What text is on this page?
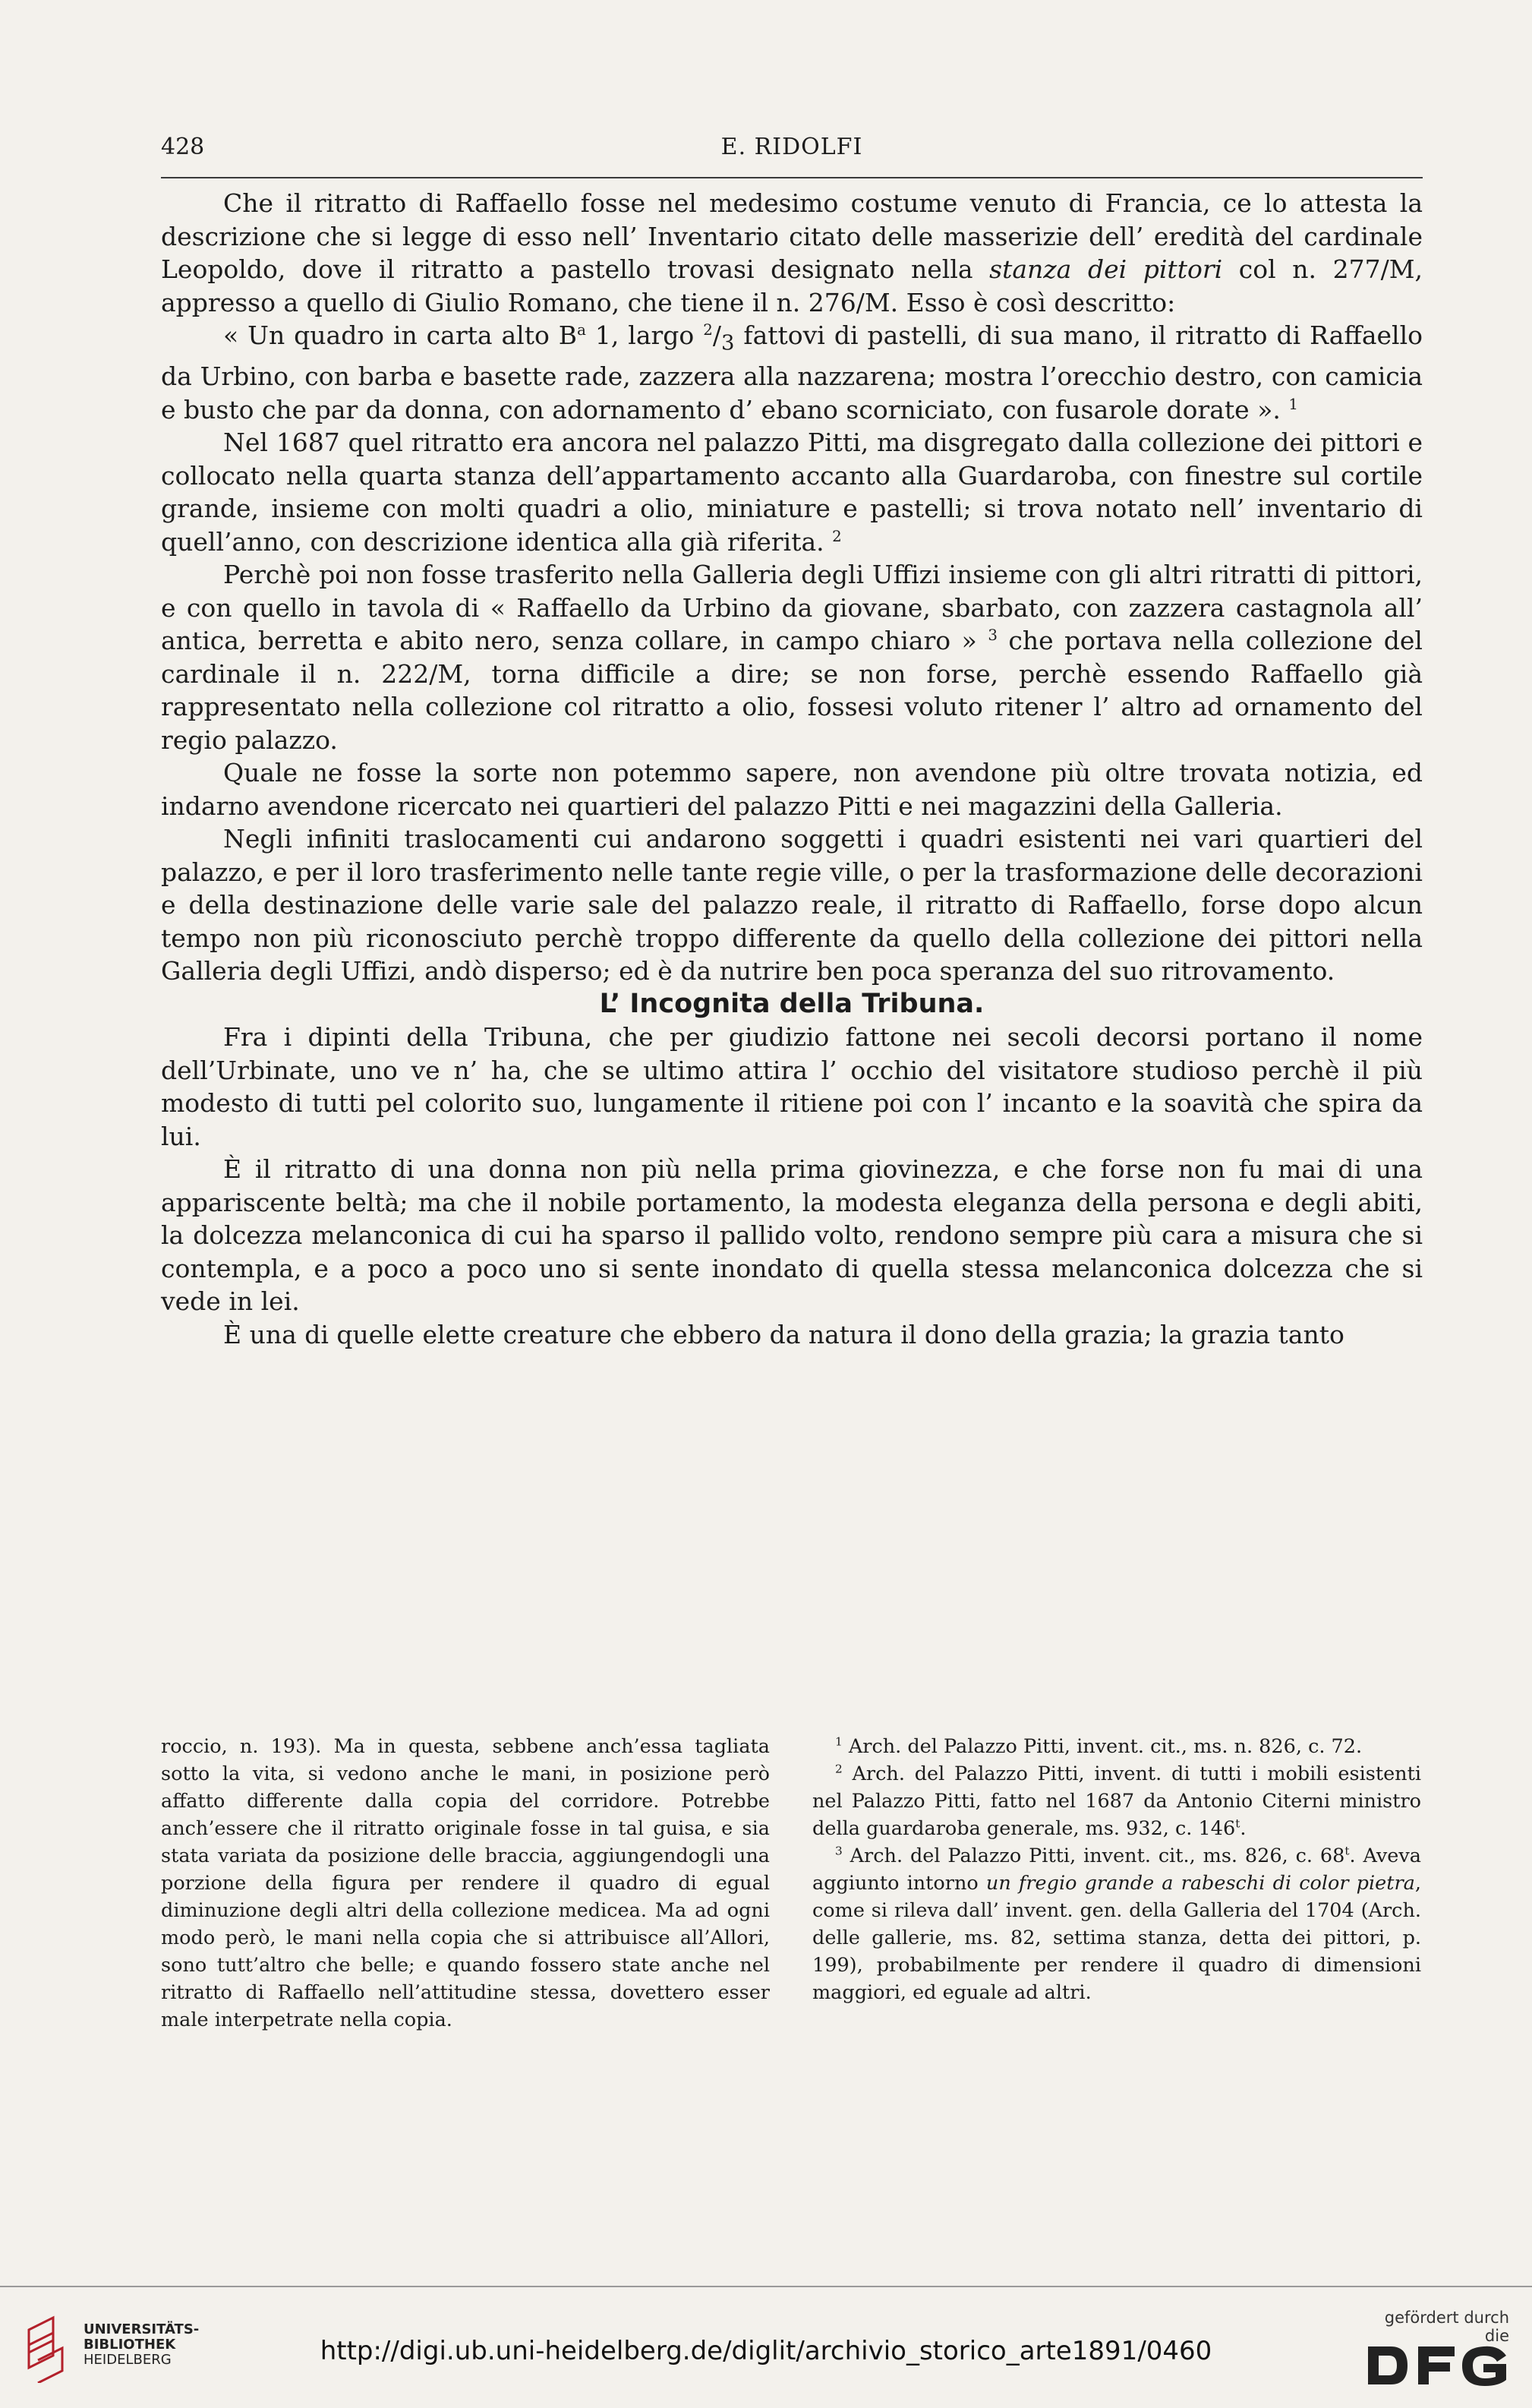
428	E. RIDOLFI

Che il ritratto di Raffaello fosse nel medesimo costume venuto di Francia, ce lo attesta la descrizione che si legge di esso nell’ Inventario citato delle masserizie dell’ eredità del cardinale Leopoldo, dove il ritratto a pastello trovasi designato nella stanza dei pittori col n. 277/M, appresso a quello di Giulio Romano, che tiene il n. 276/M. Esso è così descritto:

« Un quadro in carta alto $B^a$ 1, largo $^2/_3$ fattovi di pastelli, di sua mano, il ritratto di Raffaello da Urbino, con barba e basette rade, zazzera alla nazzarena; mostra l’orecchio destro, con camicia e busto che par da donna, con adornamento d’ ebano scorniciato, con fusarole dorate ». $^1$

Nel 1687 quel ritratto era ancora nel palazzo Pitti, ma disgregato dalla collezione dei pittori e collocato nella quarta stanza dell’appartamento accanto alla Guardaroba, con finestre sul cortile grande, insieme con molti quadri a olio, miniature e pastelli; si trova notato nell’ inventario di quell’anno, con descrizione identica alla già riferita. $^2$

Perchè poi non fosse trasferito nella Galleria degli Uffizi insieme con gli altri ritratti di pittori, e con quello in tavola di « Raffaello da Urbino da giovane, sbarbato, con zazzera castagnola all’ antica, berretta e abito nero, senza collare, in campo chiaro » $^3$ che portava nella collezione del cardinale il n. 222/M, torna difficile a dire; se non forse, perchè essendo Raffaello già rappresentato nella collezione col ritratto a olio, fossesi voluto ritener l’ altro ad ornamento del regio palazzo.

Quale ne fosse la sorte non potemmo sapere, non avendone più oltre trovata notizia, ed indarno avendone ricercato nei quartieri del palazzo Pitti e nei magazzini della Galleria.

Negli infiniti traslocamenti cui andarono soggetti i quadri esistenti nei vari quartieri del palazzo, e per il loro trasferimento nelle tante regie ville, o per la trasformazione delle decorazioni e della destinazione delle varie sale del palazzo reale, il ritratto di Raffaello, forse dopo alcun tempo non più riconosciuto perchè troppo differente da quello della collezione dei pittori nella Galleria degli Uffizi, andò disperso; ed è da nutrire ben poca speranza del suo ritrovamento.

L’ Incognita della Tribuna.

Fra i dipinti della Tribuna, che per giudizio fattone nei secoli decorsi portano il nome dell’Urbinate, uno ve n’ ha, che se ultimo attira l’ occhio del visitatore studioso perchè il più modesto di tutti pel colorito suo, lungamente il ritiene poi con l’ incanto e la soavità che spira da lui.

È il ritratto di una donna non più nella prima giovinezza, e che forse non fu mai di una appariscente beltà; ma che il nobile portamento, la modesta eleganza della persona e degli abiti, la dolcezza melanconica di cui ha sparso il pallido volto, rendono sempre più cara a misura che si contempla, e a poco a poco uno si sente inondato di quella stessa melanconica dolcezza che si vede in lei.

È una di quelle elette creature che ebbero da natura il dono della grazia; la grazia tanto

roccio, n. 193). Ma in questa, sebbene anch’essa tagliata sotto la vita, si vedono anche le mani, in posizione però affatto differente dalla copia del corridore. Potrebbe anch’essere che il ritratto originale fosse in tal guisa, e sia stata variata da posizione delle braccia, aggiungendogli una porzione della figura per rendere il quadro di egual diminuzione degli altri della collezione medicea. Ma ad ogni modo però, le mani nella copia che si attribuisce all’Allori, sono tutt’altro che belle; e quando fossero state anche nel ritratto di Raffaello nell’attitudine stessa, dovettero esser male interpetrate nella copia.

$^1$ Arch. del Palazzo Pitti, invent. cit., ms. n. 826, c. 72.

$^2$ Arch. del Palazzo Pitti, invent. di tutti i mobili esistenti nel Palazzo Pitti, fatto nel 1687 da Antonio Citerni ministro della guardaroba generale, ms. 932, c. 146$^t$.

$^3$ Arch. del Palazzo Pitti, invent. cit., ms. 826, c. 68$^t$. Aveva aggiunto intorno un fregio grande a rabeschi di color pietra, come si rileva dall’ invent. gen. della Galleria del 1704 (Arch. delle gallerie, ms. 82, settima stanza, detta dei pittori, p. 199), probabilmente per rendere il quadro di dimensioni maggiori, ed eguale ad altri.

UNIVERSITÄTS-
BIBLIOTHEK
HEIDELBERG	http://digi.ub.uni-heidelberg.de/diglit/archivio_storico_arte1891/0460
gefördert durch die
